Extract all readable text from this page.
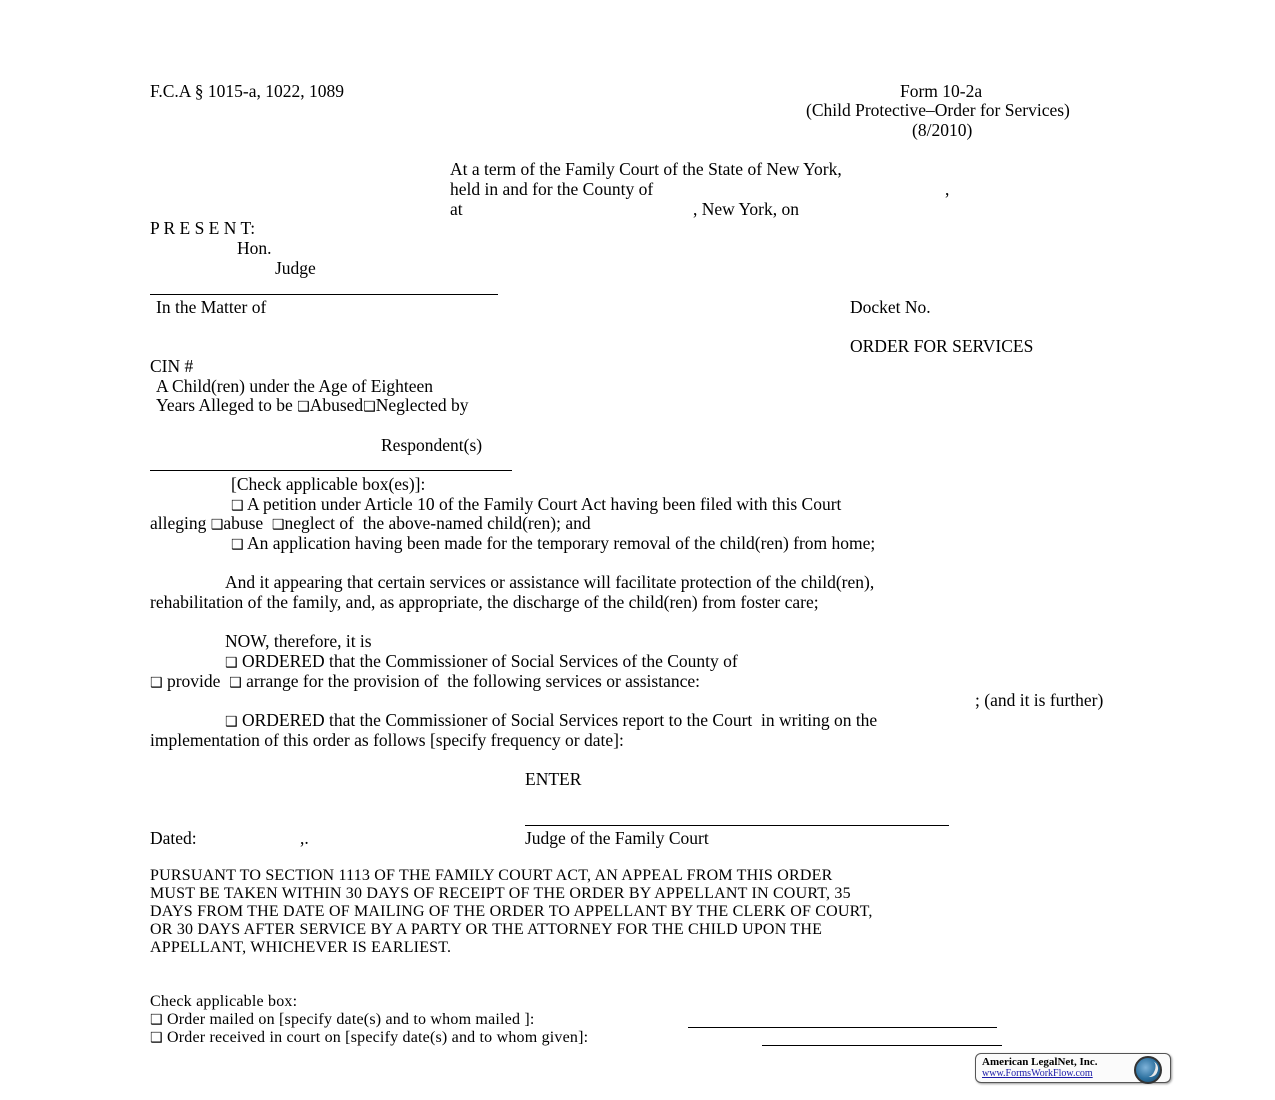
F.C.A § 1015-a, 1022, 1089	Form 10-2a
(Child Protective–Order for Services)
(8/2010)
At a term of the Family Court of the State of New York,
held in and for the County of	,
at	, New York, on
P R E S E N T:
Hon.
Judge
In the Matter of	Docket No.
ORDER FOR SERVICES
CIN #
A Child(ren) under the Age of Eighteen
Years Alleged to be ❑Abused❑Neglected by
Respondent(s)
[Check applicable box(es)]:
❑ A petition under Article 10 of the Family Court Act having been filed with this Court
alleging ❑abuse  ❑neglect of  the above-named child(ren); and
❑ An application having been made for the temporary removal of the child(ren) from home;
And it appearing that certain services or assistance will facilitate protection of the child(ren),
rehabilitation of the family, and, as appropriate, the discharge of the child(ren) from foster care;
NOW, therefore, it is
❑ ORDERED that the Commissioner of Social Services of the County of
❑ provide  ❑ arrange for the provision of  the following services or assistance:
; (and it is further)
❑ ORDERED that the Commissioner of Social Services report to the Court  in writing on the
implementation of this order as follows [specify frequency or date]:
ENTER
Dated:	,.	Judge of the Family Court
PURSUANT TO SECTION 1113 OF THE FAMILY COURT ACT, AN APPEAL FROM THIS ORDER
MUST BE TAKEN WITHIN 30 DAYS OF RECEIPT OF THE ORDER BY APPELLANT IN COURT, 35
DAYS FROM THE DATE OF MAILING OF THE ORDER TO APPELLANT BY THE CLERK OF COURT,
OR 30 DAYS AFTER SERVICE BY A PARTY OR THE ATTORNEY FOR THE CHILD UPON THE
APPELLANT, WHICHEVER IS EARLIEST.
Check applicable box:
❑ Order mailed on [specify date(s) and to whom mailed ]:
❑ Order received in court on [specify date(s) and to whom given]:
American LegalNet, Inc.
www.FormsWorkFlow.com
